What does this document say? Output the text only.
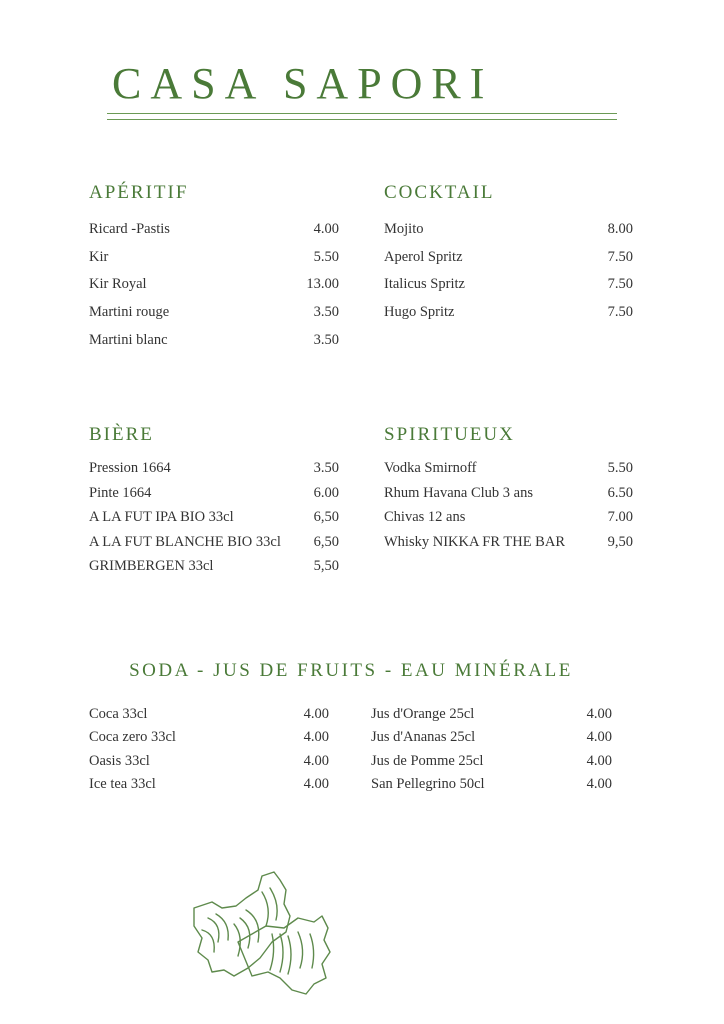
CASA SAPORI
APÉRITIF
Ricard -Pastis	4.00
Kir	5.50
Kir Royal	13.00
Martini rouge	3.50
Martini blanc	3.50
COCKTAIL
Mojito	8.00
Aperol Spritz	7.50
Italicus Spritz	7.50
Hugo Spritz	7.50
BIÈRE
Pression 1664	3.50
Pinte 1664	6.00
A LA FUT IPA BIO 33cl	6,50
A LA FUT BLANCHE BIO 33cl 6,50
GRIMBERGEN 33cl	5,50
SPIRITUEUX
Vodka Smirnoff	5.50
Rhum Havana Club 3 ans	6.50
Chivas 12 ans	7.00
Whisky NIKKA FR THE BAR	9,50
SODA - JUS DE FRUITS - EAU MINÉRALE
Coca 33cl	4.00
Coca zero 33cl	4.00
Oasis 33cl	4.00
Ice tea 33cl	4.00
Jus d'Orange 25cl	4.00
Jus d'Ananas 25cl	4.00
Jus de Pomme 25cl	4.00
San Pellegrino 50cl	4.00
